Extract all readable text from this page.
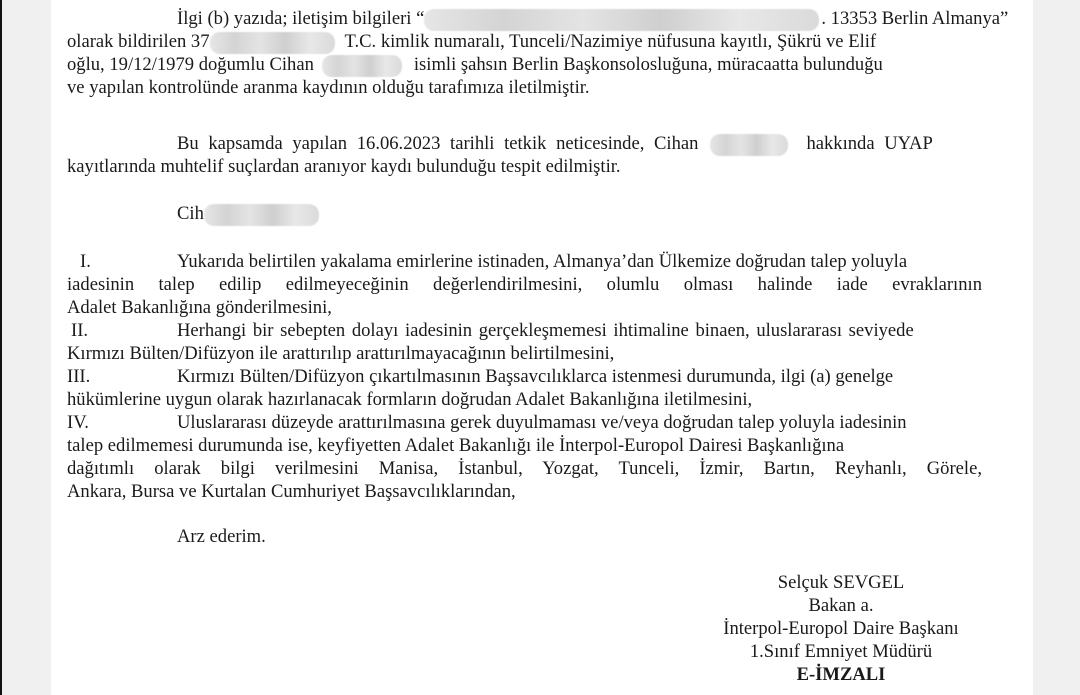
İlgi (b) yazıda; iletişim bilgileri “	. 13353 Berlin Almanya”
olarak bildirilen 37	T.C. kimlik numaralı, Tunceli/Nazimiye nüfusuna kayıtlı, Şükrü ve Elif
oğlu, 19/12/1979 doğumlu Cihan	isimli şahsın Berlin Başkonsolosluğuna, müracaatta bulunduğu
ve yapılan kontrolünde aranma kaydının olduğu tarafımıza iletilmiştir.
Bu kapsamda yapılan 16.06.2023 tarihli tetkik neticesinde, Cihan	hakkında UYAP
kayıtlarında muhtelif suçlardan aranıyor kaydı bulunduğu tespit edilmiştir.
Cih
I.	Yukarıda belirtilen yakalama emirlerine istinaden, Almanya’dan Ülkemize doğrudan talep yoluyla
iadesinin talep edilip edilmeyeceğinin değerlendirilmesini, olumlu olması halinde iade evraklarının
Adalet Bakanlığına gönderilmesini,
II.	Herhangi bir sebepten dolayı iadesinin gerçekleşmemesi ihtimaline binaen, uluslararası seviyede
Kırmızı Bülten/Difüzyon ile arattırılıp arattırılmayacağının belirtilmesini,
III.	Kırmızı Bülten/Difüzyon çıkartılmasının Başsavcılıklarca istenmesi durumunda, ilgi (a) genelge
hükümlerine uygun olarak hazırlanacak formların doğrudan Adalet Bakanlığına iletilmesini,
IV.	Uluslararası düzeyde arattırılmasına gerek duyulmaması ve/veya doğrudan talep yoluyla iadesinin
talep edilmemesi durumunda ise, keyfiyetten Adalet Bakanlığı ile İnterpol-Europol Dairesi Başkanlığına
dağıtımlı olarak bilgi verilmesini Manisa, İstanbul, Yozgat, Tunceli, İzmir, Bartın, Reyhanlı, Görele,
Ankara, Bursa ve Kurtalan Cumhuriyet Başsavcılıklarından,
Arz ederim.
Selçuk SEVGEL
Bakan a.
İnterpol-Europol Daire Başkanı
1.Sınıf Emniyet Müdürü
E-İMZALI
